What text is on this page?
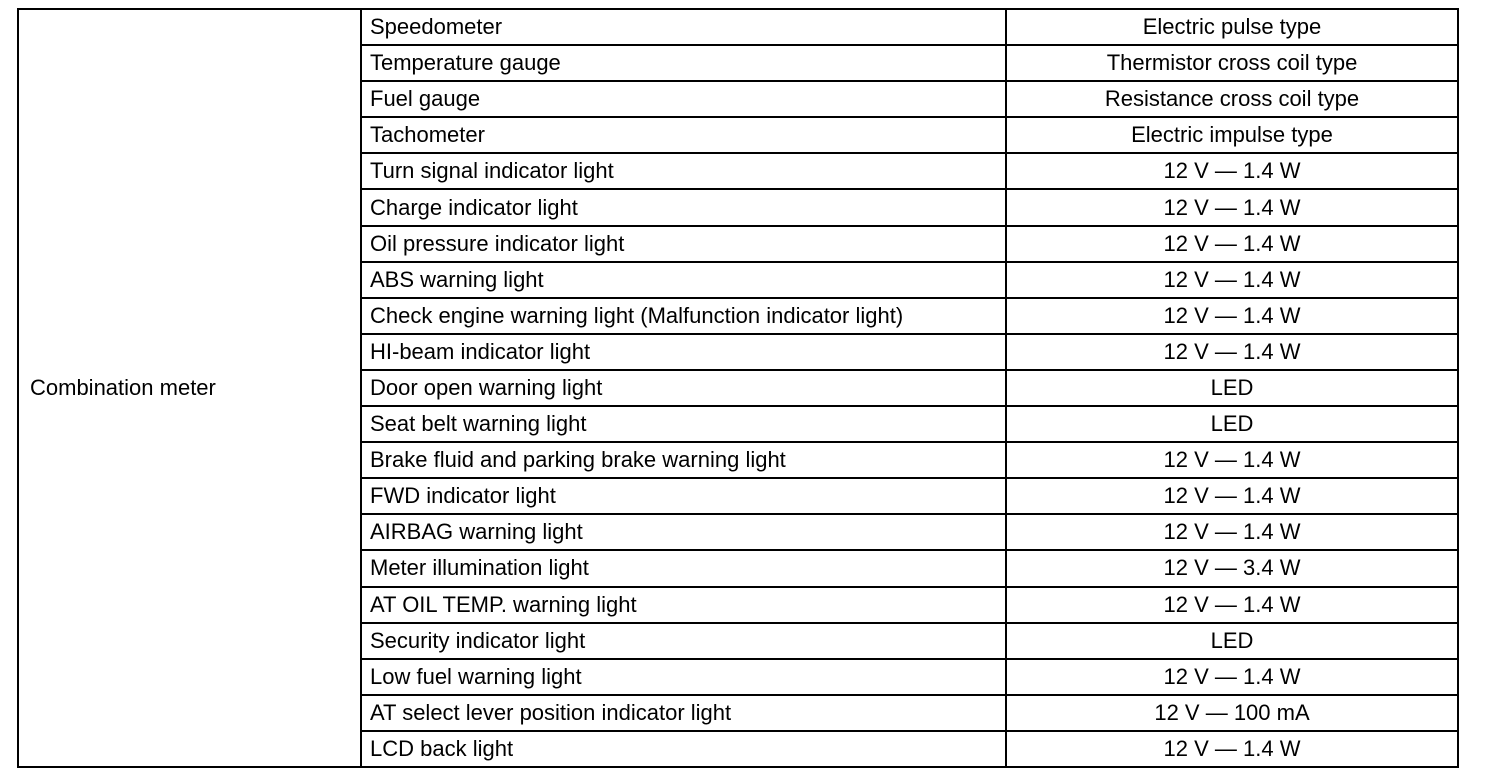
Combination meter	Speedometer	Electric pulse type
	Temperature gauge	Thermistor cross coil type
	Fuel gauge	Resistance cross coil type
	Tachometer	Electric impulse type
	Turn signal indicator light	12 V — 1.4 W
	Charge indicator light	12 V — 1.4 W
	Oil pressure indicator light	12 V — 1.4 W
	ABS warning light	12 V — 1.4 W
	Check engine warning light (Malfunction indicator light)	12 V — 1.4 W
	HI-beam indicator light	12 V — 1.4 W
	Door open warning light	LED
	Seat belt warning light	LED
	Brake fluid and parking brake warning light	12 V — 1.4 W
	FWD indicator light	12 V — 1.4 W
	AIRBAG warning light	12 V — 1.4 W
	Meter illumination light	12 V — 3.4 W
	AT OIL TEMP. warning light	12 V — 1.4 W
	Security indicator light	LED
	Low fuel warning light	12 V — 1.4 W
	AT select lever position indicator light	12 V — 100 mA
	LCD back light	12 V — 1.4 W
